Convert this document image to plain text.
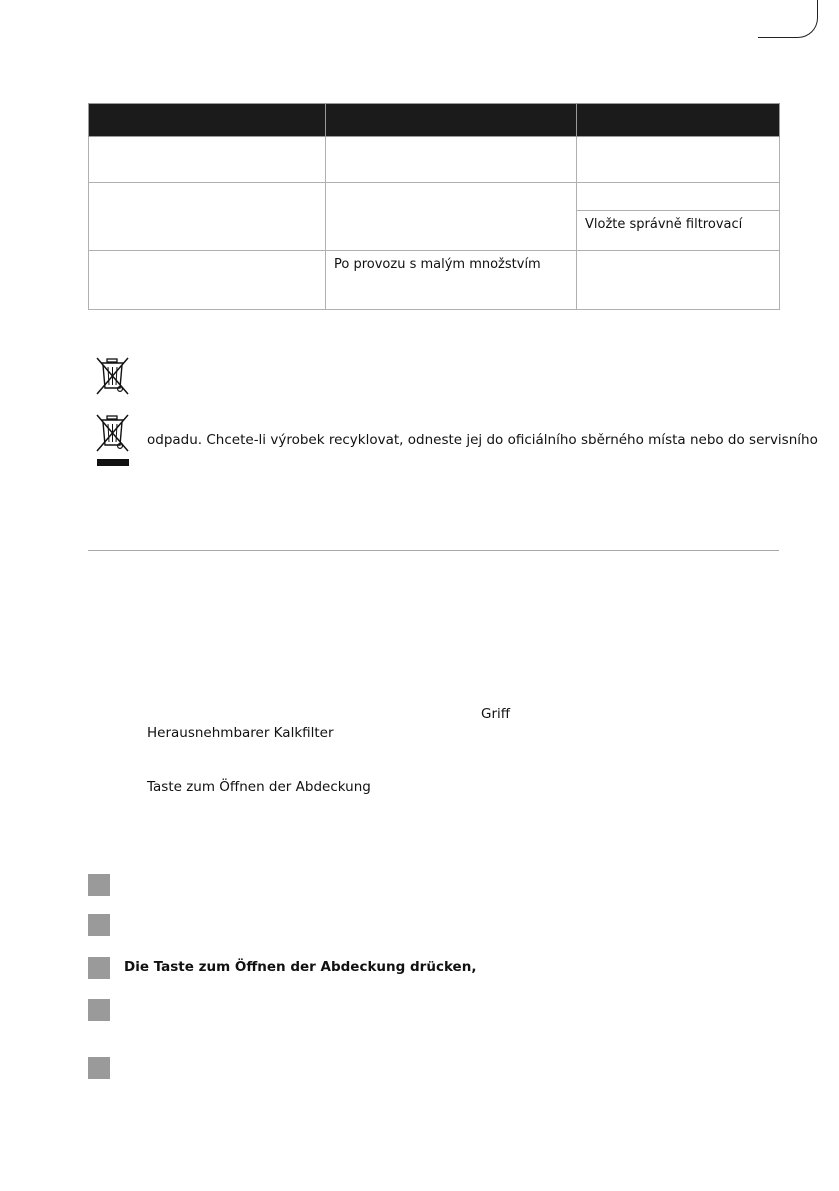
		Vložte správně filtrovací
	Po provozu s malým množstvím	
odpadu. Chcete-li výrobek recyklovat, odneste jej do oficiálního sběrného místa nebo do servisního
Griff
Herausnehmbarer Kalkfilter
Taste zum Öffnen der Abdeckung
Die Taste zum Öffnen der Abdeckung drücken,
